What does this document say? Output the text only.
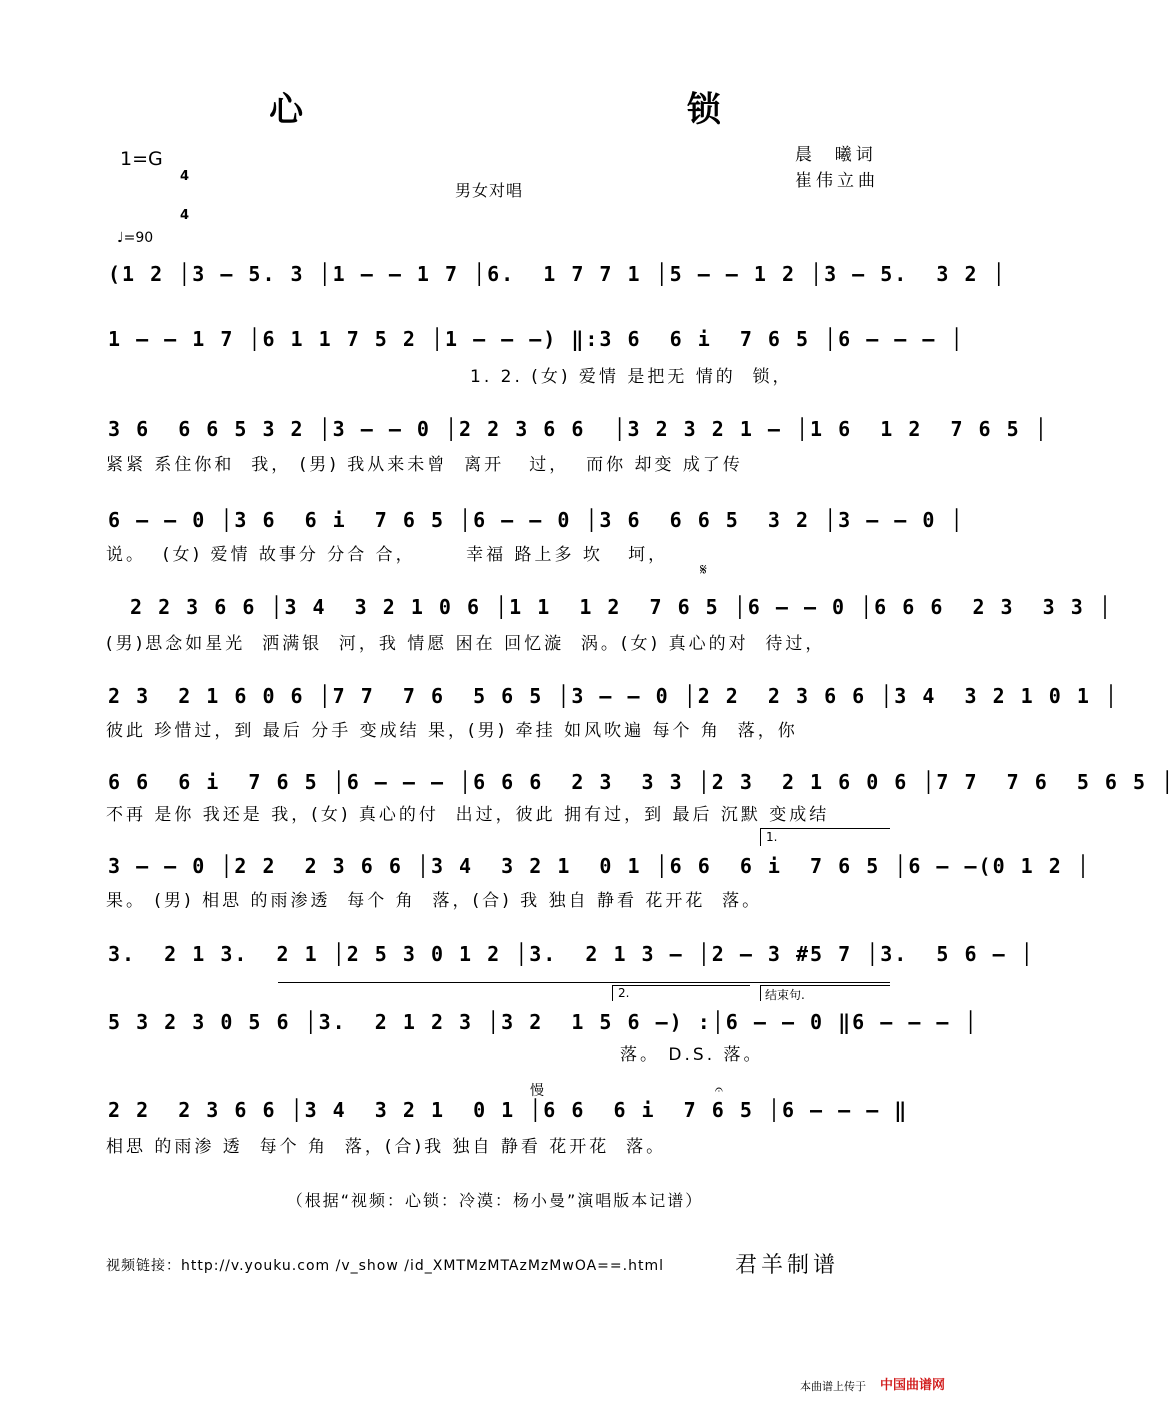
心  锁
1=G

4

4

晨  曦词
崔伟立曲
男女对唱
♩=90
(1 2 │3 – 5. 3 │1 – – 1 7 │6.  1 7 7 1 │5 – – 1 2 │3 – 5.  3 2 │
1 – – 1 7 │6 1 1 7 5 2 │1 – – –) ‖:3 6  6 i  7 6 5 │6 – – – │
1. 2. (女) 爱情 是把无 情的  锁，
3 6  6 6 5 3 2 │3 – – 0 │2 2 3 6 6  │3 2 3 2 1 – │1 6  1 2  7 6 5 │
紧紧 系住你和  我， (男) 我从来未曾  离开   过，  而你 却变 成了传
6 – – 0 │3 6  6 i  7 6 5 │6 – – 0 │3 6  6 6 5  3 2 │3 – – 0 │
说。  (女) 爱情 故事分 分合 合，      幸福 路上多 坎   坷，
𝄋
2 2 3 6 6 │3 4  3 2 1 0 6 │1 1  1 2  7 6 5 │6 – – 0 │6 6 6  2 3  3 3 │
(男)思念如星光  洒满银  河，我 情愿 困在 回忆漩  涡。(女) 真心的对  待过，
2 3  2 1 6 0 6 │7 7  7 6  5 6 5 │3 – – 0 │2 2  2 3 6 6 │3 4  3 2 1 0 1 │
彼此 珍惜过，到 最后 分手 变成结 果，(男) 牵挂 如风吹遍 每个 角  落，你
6 6  6 i  7 6 5 │6 – – – │6 6 6  2 3  3 3 │2 3  2 1 6 0 6 │7 7  7 6  5 6 5 │
不再 是你 我还是 我，(女) 真心的付  出过，彼此 拥有过，到 最后 沉默 变成结
1.
3 – – 0 │2 2  2 3 6 6 │3 4  3 2 1  0 1 │6 6  6 i  7 6 5 │6 – –(0 1 2 │
果。 (男) 相思 的雨渗透  每个 角  落，(合) 我 独自 静看 花开花  落。
3.  2 1 3.  2 1 │2 5 3 0 1 2 │3.  2 1 3 – │2 – 3 #5 7 │3.  5 6 – │
2.	结束句.
5 3 2 3 0 5 6 │3.  2 1 2 3 │3 2  1 5 6 –) :│6 – – 0 ‖6 – – – │
落。 D.S. 落。
慢	𝄐
2 2  2 3 6 6 │3 4  3 2 1  0 1 │6 6  6 i  7 6 5 │6 – – – ‖
相思 的雨渗 透  每个 角  落，(合)我 独自 静看 花开花  落。
（根据“视频：心锁：冷漠：杨小曼”演唱版本记谱）
视频链接：http://v.youku.com /v_show /id_XMTMzMTAzMzMwOA==.html	君羊制谱
本曲谱上传于 中国曲谱网
